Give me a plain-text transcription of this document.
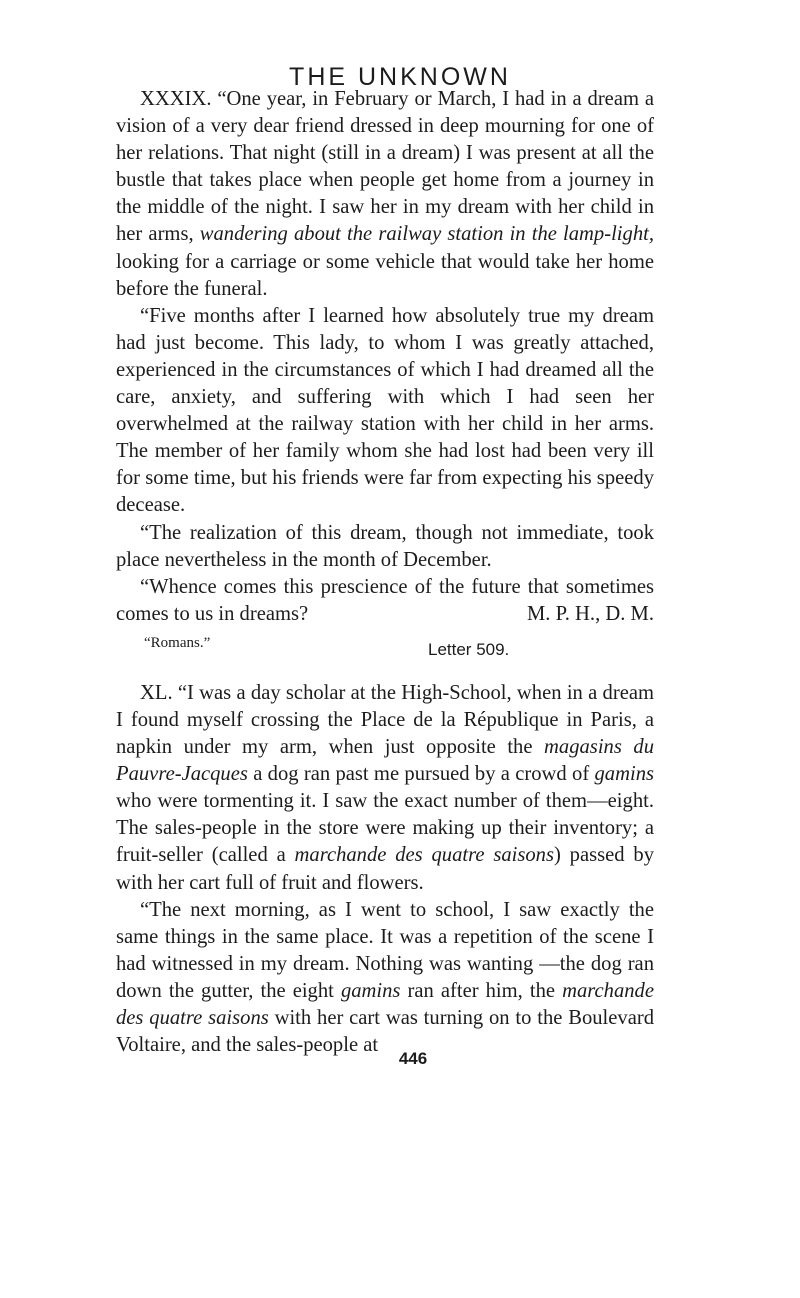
THE UNKNOWN

XXXIX. “One year, in February or March, I had in a dream a vision of a very dear friend dressed in deep mourning for one of her relations. That night (still in a dream) I was present at all the bustle that takes place when people get home from a journey in the middle of the night. I saw her in my dream with her child in her arms, wandering about the railway station in the lamp-light, looking for a carriage or some vehicle that would take her home before the funeral.

“Five months after I learned how absolutely true my dream had just become. This lady, to whom I was greatly attached, experienced in the circumstances of which I had dreamed all the care, anxiety, and suffering with which I had seen her overwhelmed at the railway station with her child in her arms. The member of her family whom she had lost had been very ill for some time, but his friends were far from expecting his speedy decease.

“The realization of this dream, though not immediate, took place nevertheless in the month of December.

“Whence comes this prescience of the future that sometimes comes to us in dreams?	M. P. H., D. M.

“Romans.”	Letter 509.

XL. “I was a day scholar at the High-School, when in a dream I found myself crossing the Place de la République in Paris, a napkin under my arm, when just opposite the magasins du Pauvre-Jacques a dog ran past me pursued by a crowd of gamins who were tormenting it. I saw the exact number of them—eight. The sales-people in the store were making up their inventory; a fruit-seller (called a marchande des quatre saisons) passed by with her cart full of fruit and flowers.

“The next morning, as I went to school, I saw exactly the same things in the same place. It was a repetition of the scene I had witnessed in my dream. Nothing was wanting —the dog ran down the gutter, the eight gamins ran after him, the marchande des quatre saisons with her cart was turning on to the Boulevard Voltaire, and the sales-people at

446
